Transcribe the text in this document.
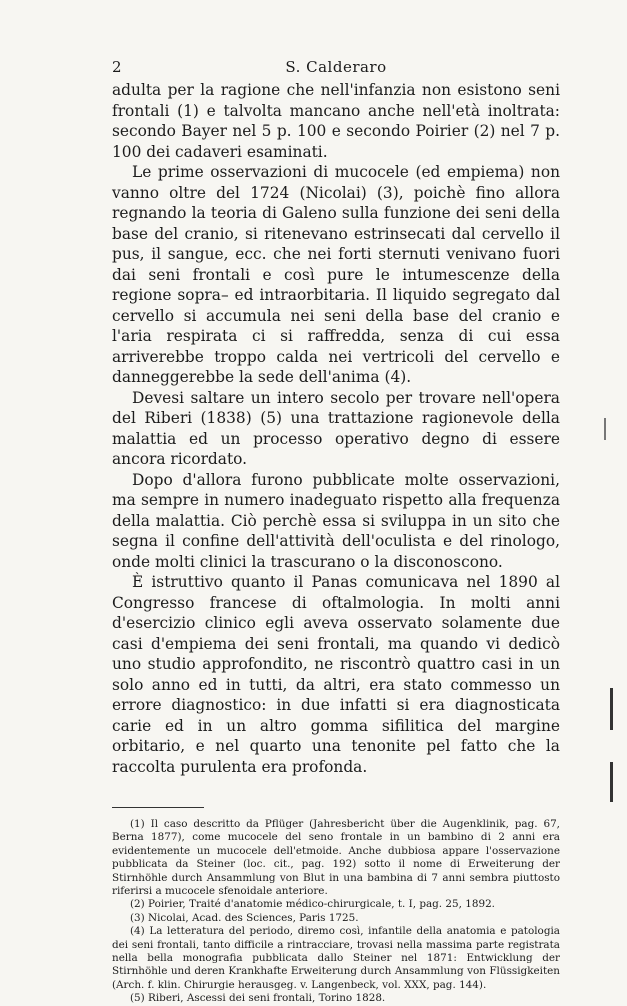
2	S. Calderaro

adulta per la ragione che nell'infanzia non esistono seni frontali (1) e talvolta mancano anche nell'età inoltrata: secondo Bayer nel 5 p. 100 e secondo Poirier (2) nel 7 p. 100 dei cadaveri esaminati.

Le prime osservazioni di mucocele (ed empiema) non vanno oltre del 1724 (Nicolai) (3), poichè fino allora regnando la teoria di Galeno sulla funzione dei seni della base del cranio, si ritenevano estrinsecati dal cervello il pus, il sangue, ecc. che nei forti sternuti venivano fuori dai seni frontali e così pure le intumescenze della regione sopra– ed intraorbitaria. Il liquido segregato dal cervello si accumula nei seni della base del cranio e l'aria respirata ci si raffredda, senza di cui essa arriverebbe troppo calda nei vertricoli del cervello e danneggerebbe la sede dell'anima (4).

Devesi saltare un intero secolo per trovare nell'opera del Riberi (1838) (5) una trattazione ragionevole della malattia ed un processo operativo degno di essere ancora ricordato.

Dopo d'allora furono pubblicate molte osservazioni, ma sempre in numero inadeguato rispetto alla frequenza della malattia. Ciò perchè essa si sviluppa in un sito che segna il confine dell'attività dell'oculista e del rinologo, onde molti clinici la trascurano o la disconoscono.

È istruttivo quanto il Panas comunicava nel 1890 al Congresso francese di oftalmologia. In molti anni d'esercizio clinico egli aveva osservato solamente due casi d'empiema dei seni frontali, ma quando vi dedicò uno studio approfondito, ne riscontrò quattro casi in un solo anno ed in tutti, da altri, era stato commesso un errore diagnostico: in due infatti si era diagnosticata carie ed in un altro gomma sifilitica del margine orbitario, e nel quarto una tenonite pel fatto che la raccolta purulenta era profonda.

(1) Il caso descritto da Pflüger (Jahresbericht über die Augenklinik, pag. 67, Berna 1877), come mucocele del seno frontale in un bambino di 2 anni era evidentemente un mucocele dell'etmoide. Anche dubbiosa appare l'osservazione pubblicata da Steiner (loc. cit., pag. 192) sotto il nome di Erweiterung der Stirnhöhle durch Ansammlung von Blut in una bambina di 7 anni sembra piuttosto riferirsi a mucocele sfenoidale anteriore.

(2) Poirier, Traité d'anatomie médico-chirurgicale, t. I, pag. 25, 1892.

(3) Nicolai, Acad. des Sciences, Paris 1725.

(4) La letteratura del periodo, diremo così, infantile della anatomia e patologia dei seni frontali, tanto difficile a rintracciare, trovasi nella massima parte registrata nella bella monografia pubblicata dallo Steiner nel 1871: Entwicklung der Stirnhöhle und deren Krankhafte Erweiterung durch Ansammlung von Flüssigkeiten (Arch. f. klin. Chirurgie herausgeg. v. Langenbeck, vol. XXX, pag. 144).

(5) Riberi, Ascessi dei seni frontali, Torino 1828.
